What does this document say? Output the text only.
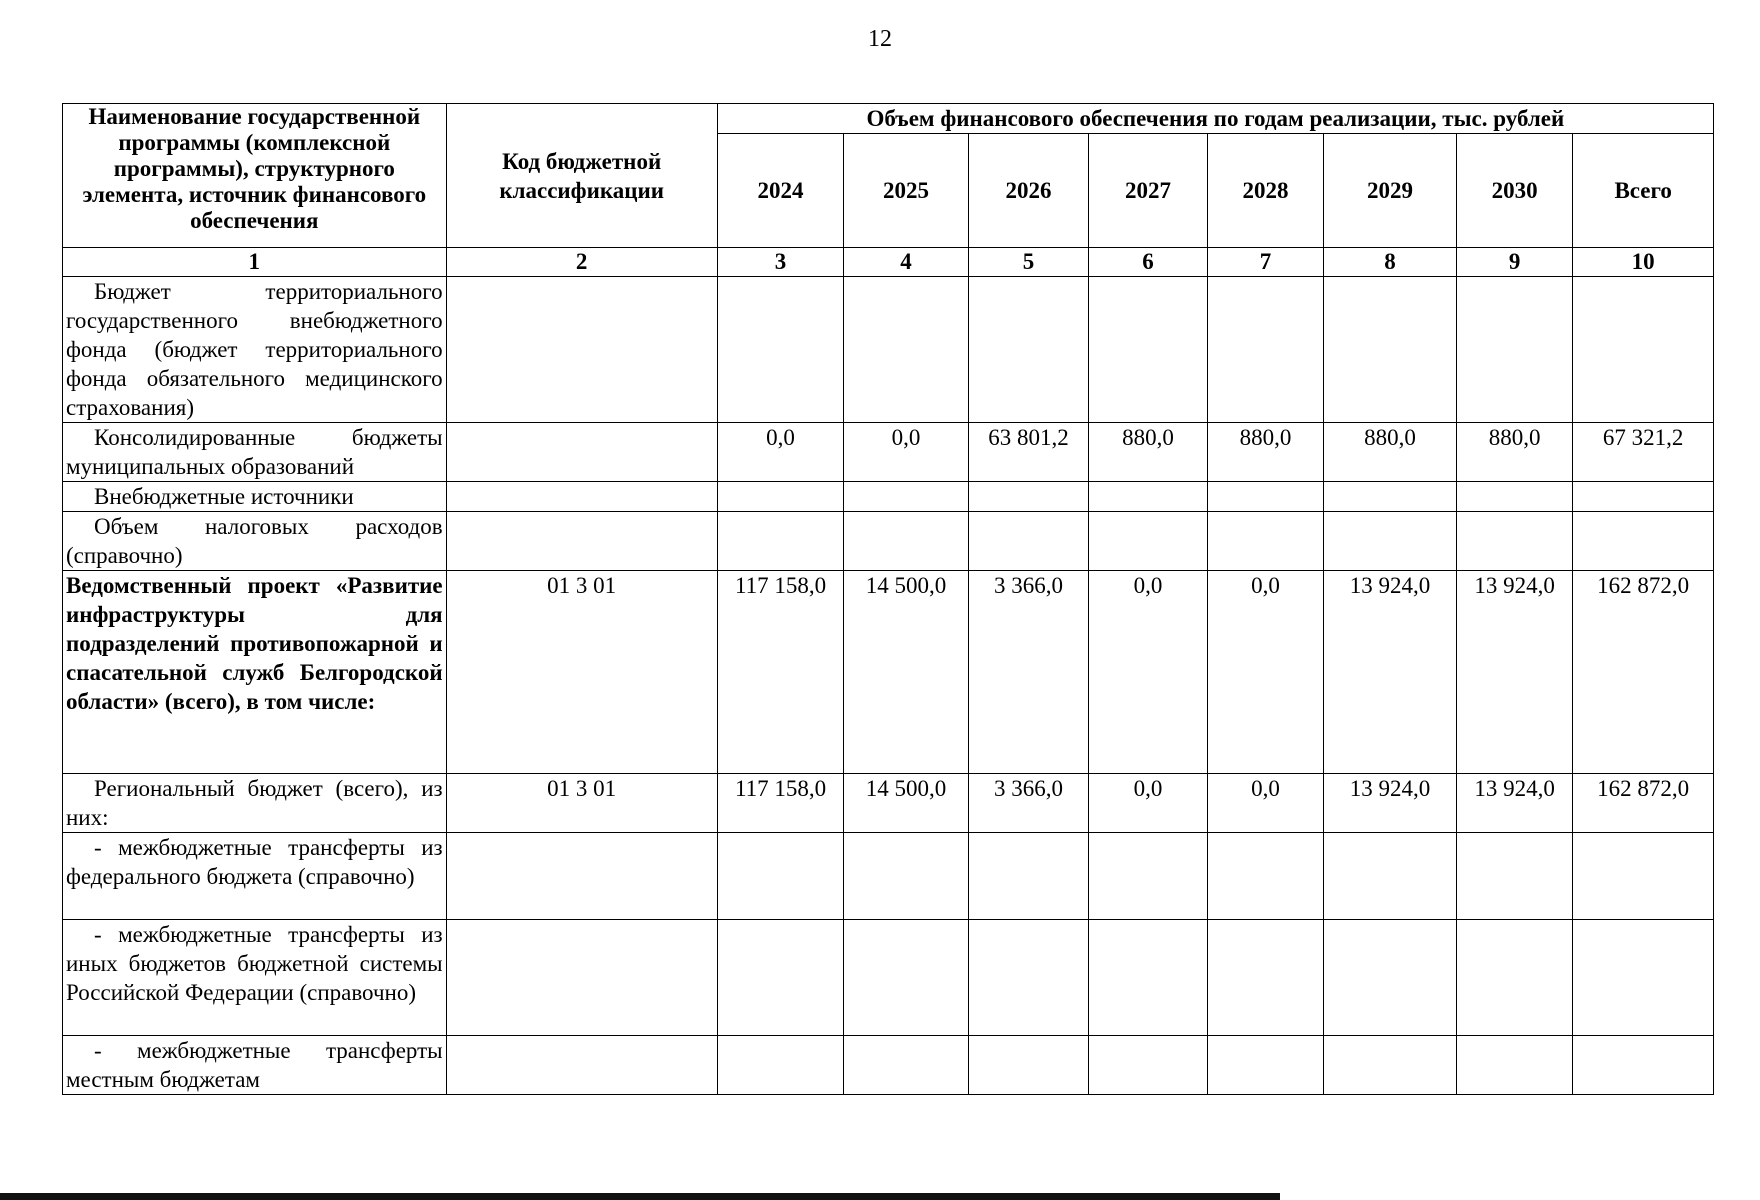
12
Наименование государственной программы (комплексной программы), структурного элемента, источник финансового обеспечения	Код бюджетной классификации	Объем финансового обеспечения по годам реализации, тыс. рублей							
		2024	2025	2026	2027	2028	2029	2030	Всего
1	2	3	4	5	6	7	8	9	10
Бюджет территориального государственного внебюджетного фонда (бюджет территориального фонда обязательного медицинского страхования)									
Консолидированные бюджеты муниципальных образований		0,0	0,0	63 801,2	880,0	880,0	880,0	880,0	67 321,2
Внебюджетные источники									
Объем налоговых расходов (справочно)									
Ведомственный проект «Развитие инфраструктуры для подразделений противопожарной и спасательной служб Белгородской области» (всего), в том числе:	01 3 01	117 158,0	14 500,0	3 366,0	0,0	0,0	13 924,0	13 924,0	162 872,0
Региональный бюджет (всего), из них:	01 3 01	117 158,0	14 500,0	3 366,0	0,0	0,0	13 924,0	13 924,0	162 872,0
- межбюджетные трансферты из федерального бюджета (справочно)									
- межбюджетные трансферты из иных бюджетов бюджетной системы Российской Федерации (справочно)									
- межбюджетные трансферты местным бюджетам									
